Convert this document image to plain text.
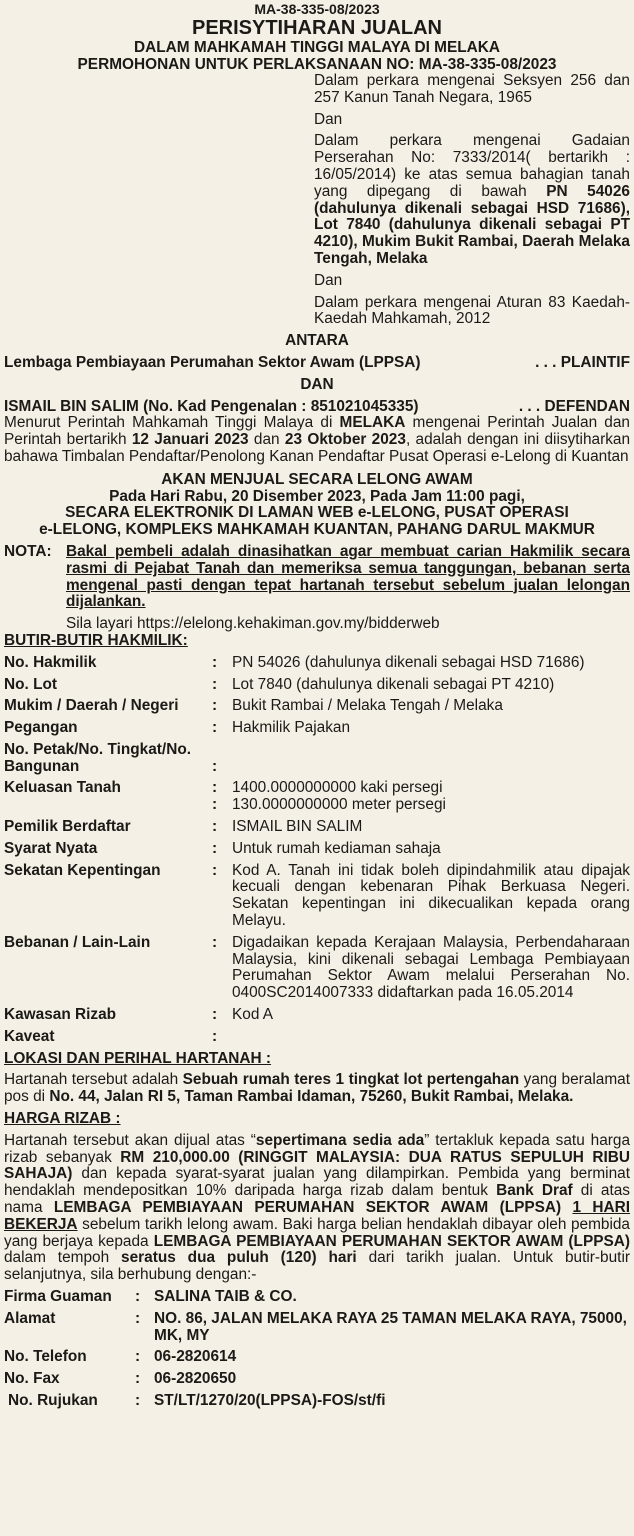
MA-38-335-08/2023
PERISYTIHARAN JUALAN
DALAM MAHKAMAH TINGGI MALAYA DI MELAKA
PERMOHONAN UNTUK PERLAKSANAAN NO: MA-38-335-08/2023
Dalam perkara mengenai Seksyen 256 dan 257 Kanun Tanah Negara, 1965
Dan
Dalam perkara mengenai Gadaian Perserahan No: 7333/2014( bertarikh : 16/05/2014) ke atas semua bahagian tanah yang dipegang di bawah PN 54026 (dahulunya dikenali sebagai HSD 71686), Lot 7840 (dahulunya dikenali sebagai PT 4210), Mukim Bukit Rambai, Daerah Melaka Tengah, Melaka
Dan
Dalam perkara mengenai Aturan 83 Kaedah-Kaedah Mahkamah, 2012
ANTARA
Lembaga Pembiayaan Perumahan Sektor Awam (LPPSA)	. . . PLAINTIF
DAN
ISMAIL BIN SALIM (No. Kad Pengenalan : 851021045335)	. . . DEFENDAN
Menurut Perintah Mahkamah Tinggi Malaya di MELAKA mengenai Perintah Jualan dan Perintah bertarikh 12 Januari 2023 dan 23 Oktober 2023, adalah dengan ini diisytiharkan bahawa Timbalan Pendaftar/Penolong Kanan Pendaftar Pusat Operasi e-Lelong di Kuantan
AKAN MENJUAL SECARA LELONG AWAM
Pada Hari Rabu, 20 Disember 2023, Pada Jam 11:00 pagi,
SECARA ELEKTRONIK DI LAMAN WEB e-LELONG, PUSAT OPERASI
e-LELONG, KOMPLEKS MAHKAMAH KUANTAN, PAHANG DARUL MAKMUR
NOTA: Bakal pembeli adalah dinasihatkan agar membuat carian Hakmilik secara rasmi di Pejabat Tanah dan memeriksa semua tanggungan, bebanan serta mengenal pasti dengan tepat hartanah tersebut sebelum jualan lelongan dijalankan.
Sila layari https://elelong.kehakiman.gov.my/bidderweb
BUTIR-BUTIR HAKMILIK:
No. Hakmilik	:	PN 54026 (dahulunya dikenali sebagai HSD 71686)
No. Lot	:	Lot 7840 (dahulunya dikenali sebagai PT 4210)
Mukim / Daerah / Negeri	:	Bukit Rambai / Melaka Tengah / Melaka
Pegangan	:	Hakmilik Pajakan
No. Petak/No. Tingkat/No. Bangunan	:	
Keluasan Tanah	:	1400.0000000000 kaki persegi
	:	130.0000000000 meter persegi
Pemilik Berdaftar	:	ISMAIL BIN SALIM
Syarat Nyata	:	Untuk rumah kediaman sahaja
Sekatan Kepentingan	:	Kod A. Tanah ini tidak boleh dipindahmilik atau dipajak kecuali dengan kebenaran Pihak Berkuasa Negeri. Sekatan kepentingan ini dikecualikan kepada orang Melayu.
Bebanan / Lain-Lain	:	Digadaikan kepada Kerajaan Malaysia, Perbendaharaan Malaysia, kini dikenali sebagai Lembaga Pembiayaan Perumahan Sektor Awam melalui Perserahan No. 0400SC2014007333 didaftarkan pada 16.05.2014
Kawasan Rizab	:	Kod A
Kaveat	:	
LOKASI DAN PERIHAL HARTANAH :
Hartanah tersebut adalah Sebuah rumah teres 1 tingkat lot pertengahan yang beralamat pos di No. 44, Jalan RI 5, Taman Rambai Idaman, 75260, Bukit Rambai, Melaka.
HARGA RIZAB :
Hartanah tersebut akan dijual atas “sepertimana sedia ada” tertakluk kepada satu harga rizab sebanyak RM 210,000.00 (RINGGIT MALAYSIA: DUA RATUS SEPULUH RIBU SAHAJA) dan kepada syarat-syarat jualan yang dilampirkan. Pembida yang berminat hendaklah mendepositkan 10% daripada harga rizab dalam bentuk Bank Draf di atas nama LEMBAGA PEMBIAYAAN PERUMAHAN SEKTOR AWAM (LPPSA) 1 HARI BEKERJA sebelum tarikh lelong awam. Baki harga belian hendaklah dibayar oleh pembida yang berjaya kepada LEMBAGA PEMBIAYAAN PERUMAHAN SEKTOR AWAM (LPPSA) dalam tempoh seratus dua puluh (120) hari dari tarikh jualan. Untuk butir-butir selanjutnya, sila berhubung dengan:-
Firma Guaman	:	SALINA TAIB & CO.
Alamat	:	NO. 86, JALAN MELAKA RAYA 25 TAMAN MELAKA RAYA, 75000, MK, MY
No. Telefon	:	06-2820614
No. Fax	:	06-2820650
No. Rujukan	:	ST/LT/1270/20(LPPSA)-FOS/st/fi
